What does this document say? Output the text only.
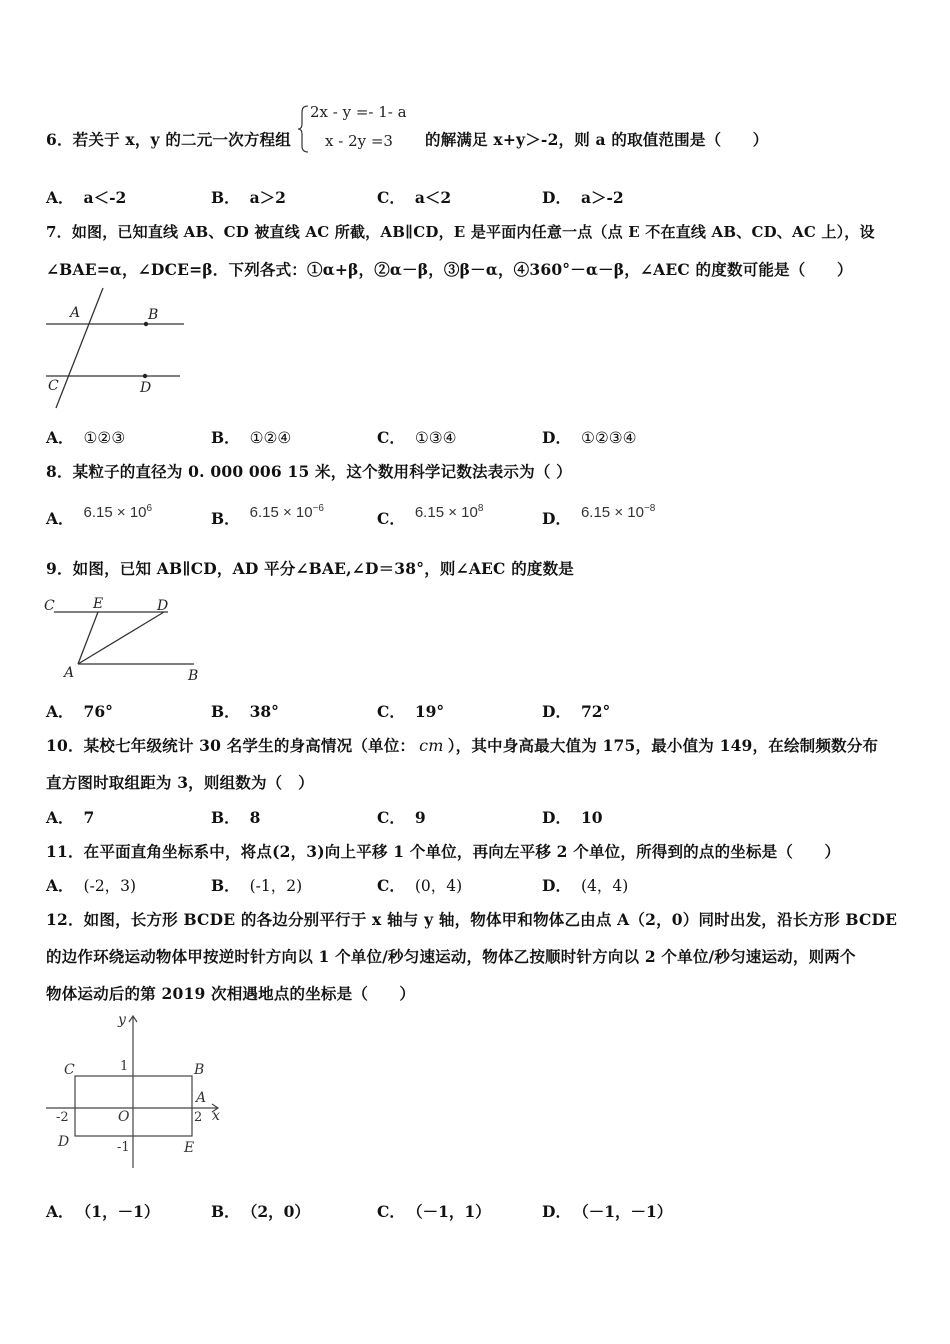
6．若关于 x，y 的二元一次方程组
2x - y =- 1- a
x - 2y =3 的解满足 x+y＞-2，则 a 的取值范围是（　　）
A． a＜-2	B． a＞2	C． a＜2	D． a＞-2
7．如图，已知直线 AB、CD 被直线 AC 所截，AB∥CD，E 是平面内任意一点（点 E 不在直线 AB、CD、AC 上），设
∠BAE=α，∠DCE=β．下列各式：①α+β，②α－β，③β－α，④360°－α－β，∠AEC 的度数可能是（　　）
A	B
C	D
A． ①②③	B． ①②④	C． ①③④	D． ①②③④
8．某粒子的直径为 0. 000 006 15 米，这个数用科学记数法表示为（ ）
A． $6.15 \times 10^6$
B． $6.15 \times 10^{-6}$
C． $6.15 \times 10^8$
D． $6.15 \times 10^{-8}$
9．如图，已知 AB∥CD，AD 平分∠BAE,∠D＝38°，则∠AEC 的度数是
C	E	D
A	B
A． 76°	B． 38°	C． 19°	D． 72°
10．某校七年级统计 30 名学生的身高情况（单位： cm ），其中身高最大值为 175，最小值为 149，在绘制频数分布
直方图时取组距为 3，则组数为（　）
A． 7	B． 8	C． 9	D． 10
11．在平面直角坐标系中，将点(2，3)向上平移 1 个单位，再向左平移 2 个单位，所得到的点的坐标是（　　）
A． (-2，3)	B． (-1，2)	C． (0，4)	D． (4，4)
12．如图，长方形 BCDE 的各边分别平行于 x 轴与 y 轴，物体甲和物体乙由点 A（2，0）同时出发，沿长方形 BCDE
的边作环绕运动物体甲按逆时针方向以 1 个单位/秒匀速运动，物体乙按顺时针方向以 2 个单位/秒匀速运动，则两个
物体运动后的第 2019 次相遇地点的坐标是（　　）
y
x
C	B
A
O
D	E
1
-1
-2	2
A． （1，－1）	B． （2，0）	C． （－1，1）	D． （－1，－1）
